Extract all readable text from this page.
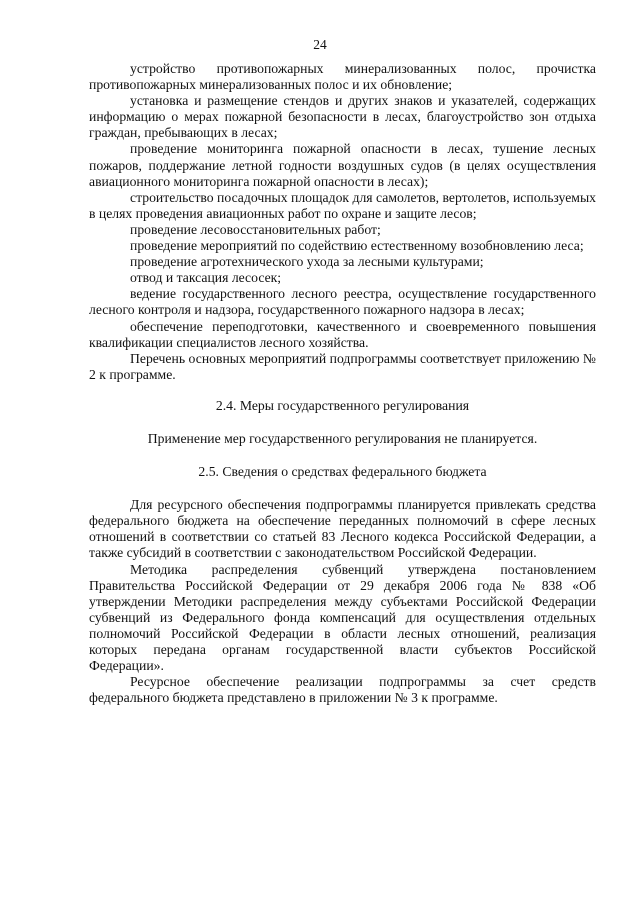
24

устройство противопожарных минерализованных полос, прочистка противопожарных минерализованных полос и их обновление;

установка и размещение стендов и других знаков и указателей, содержащих информацию о мерах пожарной безопасности в лесах, благоустройство зон отдыха граждан, пребывающих в лесах;

проведение мониторинга пожарной опасности в лесах, тушение лесных пожаров, поддержание летной годности воздушных судов (в целях осуществления авиационного мониторинга пожарной опасности в лесах);

строительство посадочных площадок для самолетов, вертолетов, используемых в целях проведения авиационных работ по охране и защите лесов;

проведение лесовосстановительных работ;

проведение мероприятий по содействию естественному возобновлению леса;

проведение агротехнического ухода за лесными культурами;

отвод и таксация лесосек;

ведение государственного лесного реестра, осуществление государственного лесного контроля и надзора, государственного пожарного надзора в лесах;

обеспечение переподготовки, качественного и своевременного повышения квалификации специалистов лесного хозяйства.

Перечень основных мероприятий подпрограммы соответствует приложению № 2 к программе.

2.4. Меры государственного регулирования

Применение мер государственного регулирования не планируется.

2.5. Сведения о средствах федерального бюджета

Для ресурсного обеспечения подпрограммы планируется привлекать средства федерального бюджета на обеспечение переданных полномочий в сфере лесных отношений в соответствии со статьей 83 Лесного кодекса Российской Федерации, а также субсидий в соответствии с законодательством Российской Федерации.

Методика распределения субвенций утверждена постановлением Правительства Российской Федерации от 29 декабря 2006 года № 838 «Об утверждении Методики распределения между субъектами Российской Федерации субвенций из Федерального фонда компенсаций для осуществления отдельных полномочий Российской Федерации в области лесных отношений, реализация которых передана органам государственной власти субъектов Российской Федерации».

Ресурсное обеспечение реализации подпрограммы за счет средств федерального бюджета представлено в приложении № 3 к программе.
